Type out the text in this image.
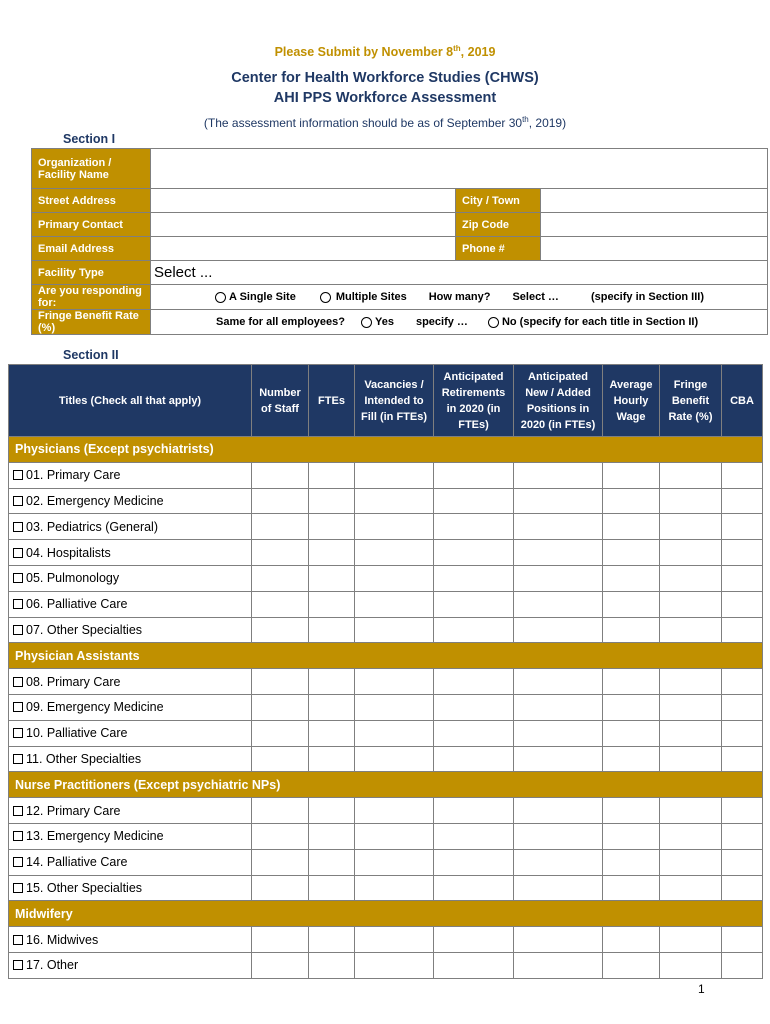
Please Submit by November 8th, 2019
Center for Health Workforce Studies (CHWS)
AHI PPS Workforce Assessment
(The assessment information should be as of September 30th, 2019)
Section I
Organization / Facility Name			
Street Address		City / Town	
Primary Contact		Zip Code	
Email Address		Phone #	
Facility Type	Select ...		
Are you responding for:	A Single Site Multiple Sites How many? Select … (specify in Section III)		

Fringe Benefit Rate (%)	Same for all employees? Yes specify … No (specify for each title in Section II)		
Section II
Titles (Check all that apply)	Number of Staff	FTEs	Vacancies / Intended to Fill (in FTEs)	Anticipated Retirements in 2020 (in FTEs)	Anticipated New / Added Positions in 2020 (in FTEs)	Average Hourly Wage	Fringe Benefit Rate (%)	CBA
Physicians (Except psychiatrists)								
01. Primary Care								
02. Emergency Medicine								
03. Pediatrics (General)								
04. Hospitalists								
05. Pulmonology								
06. Palliative Care								
07. Other Specialties								
Physician Assistants								
08. Primary Care								
09. Emergency Medicine								
10. Palliative Care								
11. Other Specialties								
Nurse Practitioners (Except psychiatric NPs)								
12. Primary Care								
13. Emergency Medicine								
14. Palliative Care								
15. Other Specialties								
Midwifery								
16. Midwives								
17. Other								
1
